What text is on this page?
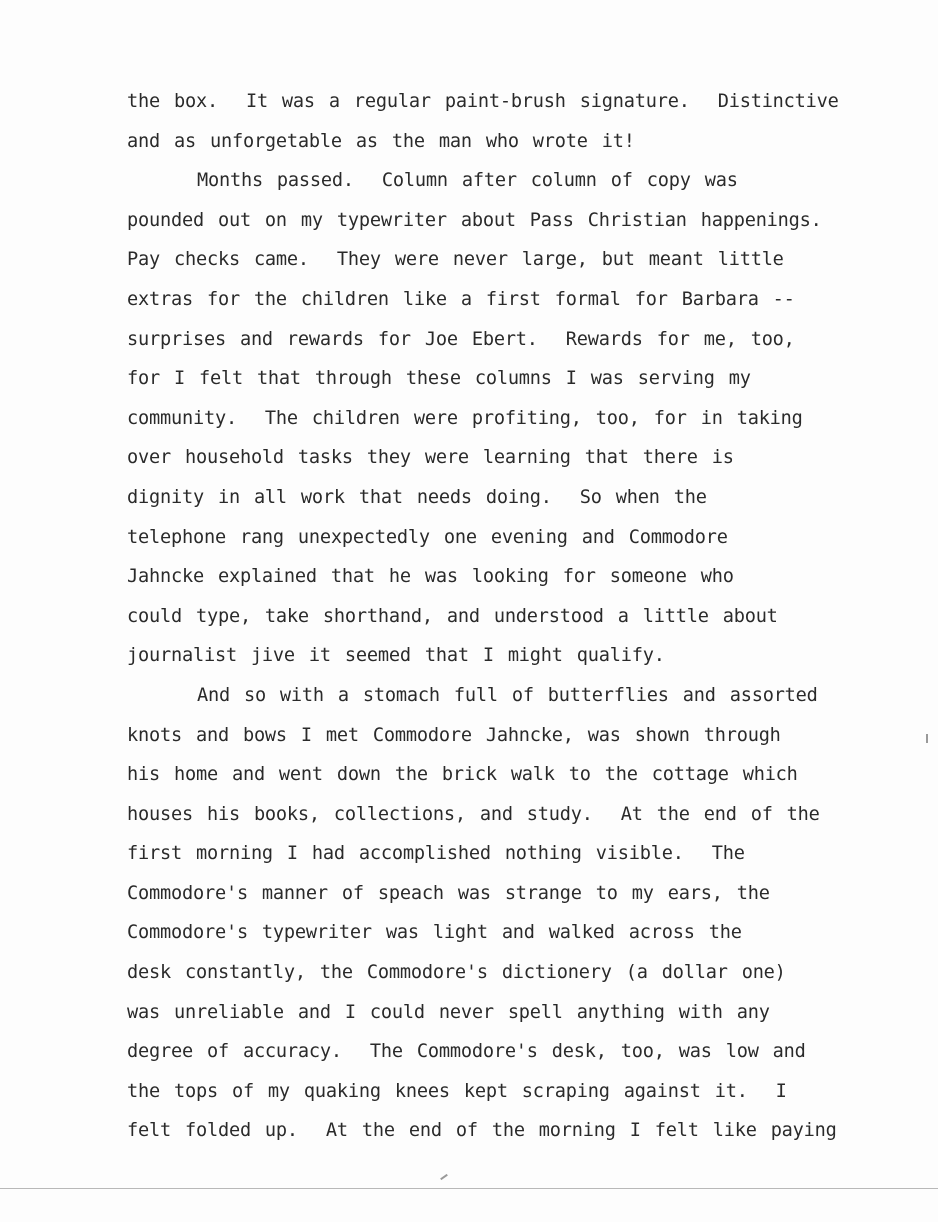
the box.  It was a regular paint-brush signature.  Distinctive
and as unforgetable as the man who wrote it!
Months passed.  Column after column of copy was
pounded out on my typewriter about Pass Christian happenings.
Pay checks came.  They were never large, but meant little
extras for the children like a first formal for Barbara --
surprises and rewards for Joe Ebert.  Rewards for me, too,
for I felt that through these columns I was serving my
community.  The children were profiting, too, for in taking
over household tasks they were learning that there is
dignity in all work that needs doing.  So when the
telephone rang unexpectedly one evening and Commodore
Jahncke explained that he was looking for someone who
could type, take shorthand, and understood a little about
journalist jive it seemed that I might qualify.
And so with a stomach full of butterflies and assorted
knots and bows I met Commodore Jahncke, was shown through
his home and went down the brick walk to the cottage which
houses his books, collections, and study.  At the end of the
first morning I had accomplished nothing visible.  The
Commodore's manner of speach was strange to my ears, the
Commodore's typewriter was light and walked across the
desk constantly, the Commodore's dictionery (a dollar one)
was unreliable and I could never spell anything with any
degree of accuracy.  The Commodore's desk, too, was low and
the tops of my quaking knees kept scraping against it.  I
felt folded up.  At the end of the morning I felt like paying
